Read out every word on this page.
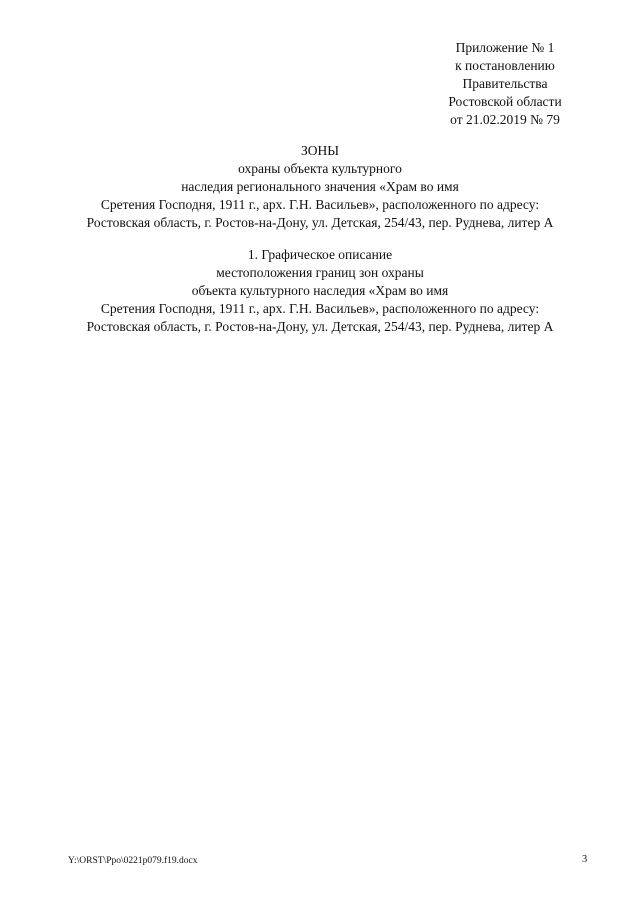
Приложение № 1
к постановлению
Правительства
Ростовской области
от 21.02.2019 № 79
ЗОНЫ
охраны объекта культурного
наследия регионального значения «Храм во имя
Сретения Господня, 1911 г., арх. Г.Н. Васильев», расположенного по адресу:
Ростовская область, г. Ростов-на-Дону, ул. Детская, 254/43, пер. Руднева, литер А
1. Графическое описание
местоположения границ зон охраны
объекта культурного наследия «Храм во имя
Сретения Господня, 1911 г., арх. Г.Н. Васильев», расположенного по адресу:
Ростовская область, г. Ростов-на-Дону, ул. Детская, 254/43, пер. Руднева, литер А
Y:\ORST\Ppo\0221p079.f19.docx	3
